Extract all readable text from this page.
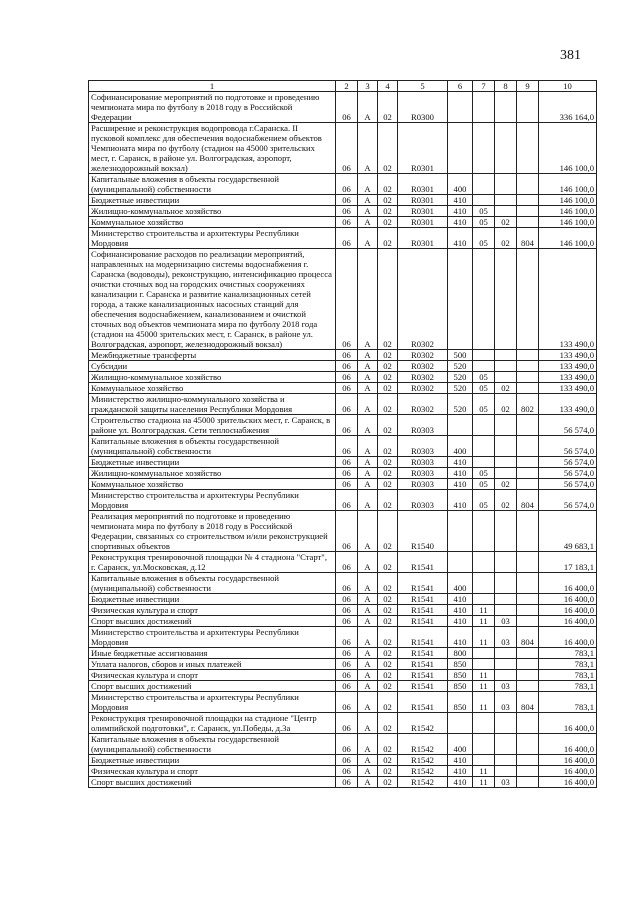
381
1	2	3	4	5	6	7	8	9	10
Софинансирование мероприятий по подготовке и проведению чемпионата мира по футболу в 2018 году в Российской Федерации	06	А	02	R0300					336 164,0
Расширение и реконструкция водопровода г.Саранска. II пусковой комплекс для обеспечения водоснабжением объектов Чемпионата мира по футболу (стадион на 45000 зрительских мест, г. Саранск, в районе ул. Волгоградская, аэропорт, железнодорожный вокзал)	06	А	02	R0301					146 100,0
Капитальные вложения в объекты государственной (муниципальной) собственности	06	А	02	R0301	400				146 100,0
Бюджетные инвестиции	06	А	02	R0301	410				146 100,0
Жилищно-коммунальное хозяйство	06	А	02	R0301	410	05			146 100,0
Коммунальное хозяйство	06	А	02	R0301	410	05	02		146 100,0
Министерство строительства и архитектуры Республики Мордовия	06	А	02	R0301	410	05	02	804	146 100,0
Софинансирование расходов по реализации мероприятий, направленных на модернизацию системы водоснабжения г. Саранска (водоводы), реконструкцию, интенсификацию процесса очистки сточных вод на городских очистных сооружениях канализации г. Саранска и развитие канализационных сетей города, а также канализационных насосных станций для обеспечения водоснабжением, канализованием и очисткой сточных вод объектов чемпионата мира по футболу 2018 года (стадион на 45000 зрительских мест, г. Саранск, в районе ул. Волгоградская, аэропорт, железнодорожный вокзал)	06	А	02	R0302					133 490,0
Межбюджетные трансферты	06	А	02	R0302	500				133 490,0
Субсидии	06	А	02	R0302	520				133 490,0
Жилищно-коммунальное хозяйство	06	А	02	R0302	520	05			133 490,0
Коммунальное хозяйство	06	А	02	R0302	520	05	02		133 490,0
Министерство жилищно-коммунального хозяйства и гражданской защиты населения Республики Мордовия	06	А	02	R0302	520	05	02	802	133 490,0
Строительство стадиона на 45000 зрительских мест, г. Саранск, в районе ул. Волгоградская. Сети теплоснабжения	06	А	02	R0303					56 574,0
Капитальные вложения в объекты государственной (муниципальной) собственности	06	А	02	R0303	400				56 574,0
Бюджетные инвестиции	06	А	02	R0303	410				56 574,0
Жилищно-коммунальное хозяйство	06	А	02	R0303	410	05			56 574,0
Коммунальное хозяйство	06	А	02	R0303	410	05	02		56 574,0
Министерство строительства и архитектуры Республики Мордовия	06	А	02	R0303	410	05	02	804	56 574,0
Реализация мероприятий по подготовке и проведению чемпионата мира по футболу в 2018 году в Российской Федерации, связанных со строительством и/или реконструкцией спортивных объектов	06	А	02	R1540					49 683,1
Реконструкция тренировочной площадки № 4 стадиона "Старт", г. Саранск, ул.Московская, д.12	06	А	02	R1541					17 183,1
Капитальные вложения в объекты государственной (муниципальной) собственности	06	А	02	R1541	400				16 400,0
Бюджетные инвестиции	06	А	02	R1541	410				16 400,0
Физическая культура и спорт	06	А	02	R1541	410	11			16 400,0
Спорт высших достижений	06	А	02	R1541	410	11	03		16 400,0
Министерство строительства и архитектуры Республики Мордовия	06	А	02	R1541	410	11	03	804	16 400,0
Иные бюджетные ассигнования	06	А	02	R1541	800				783,1
Уплата налогов, сборов и иных платежей	06	А	02	R1541	850				783,1
Физическая культура и спорт	06	А	02	R1541	850	11			783,1
Спорт высших достижений	06	А	02	R1541	850	11	03		783,1
Министерство строительства и архитектуры Республики Мордовия	06	А	02	R1541	850	11	03	804	783,1
Реконструкция тренировочной площадки на стадионе "Центр олимпийской подготовки", г. Саранск, ул.Победы, д.3а	06	А	02	R1542					16 400,0
Капитальные вложения в объекты государственной (муниципальной) собственности	06	А	02	R1542	400				16 400,0
Бюджетные инвестиции	06	А	02	R1542	410				16 400,0
Физическая культура и спорт	06	А	02	R1542	410	11			16 400,0
Спорт высших достижений	06	А	02	R1542	410	11	03		16 400,0
